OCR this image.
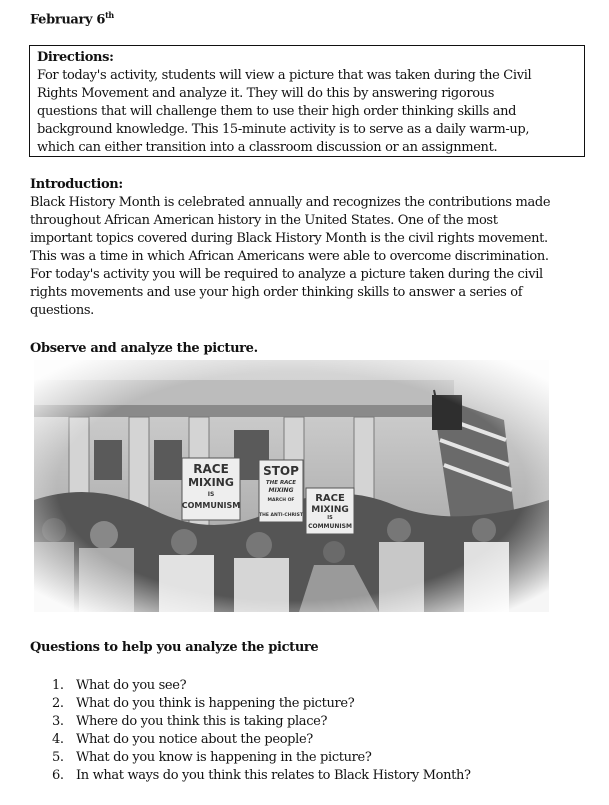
February 6th
Directions:
For today's activity, students will view a picture that was taken during the Civil
Rights Movement and analyze it. They will do this by answering rigorous
questions that will challenge them to use their high order thinking skills and
background knowledge. This 15-minute activity is to serve as a daily warm-up,
which can either transition into a classroom discussion or an assignment.
Introduction:
Black History Month is celebrated annually and recognizes the contributions made
throughout African American history in the United States. One of the most
important topics covered during Black History Month is the civil rights movement.
This was a time in which African Americans were able to overcome discrimination.
For today's activity you will be required to analyze a picture taken during the civil
rights movements and use your high order thinking skills to answer a series of
questions.
Observe and analyze the picture.
RACE
MIXING
IS
COMMUNISM
STOP
THE RACE
MIXING
MARCH OF
THE ANTI-CHRIST
RACE
MIXING
IS
COMMUNISM
Questions to help you analyze the picture
1. What do you see?
2. What do you think is happening the picture?
3. Where do you think this is taking place?
4. What do you notice about the people?
5. What do you know is happening in the picture?
6. In what ways do you think this relates to Black History Month?
